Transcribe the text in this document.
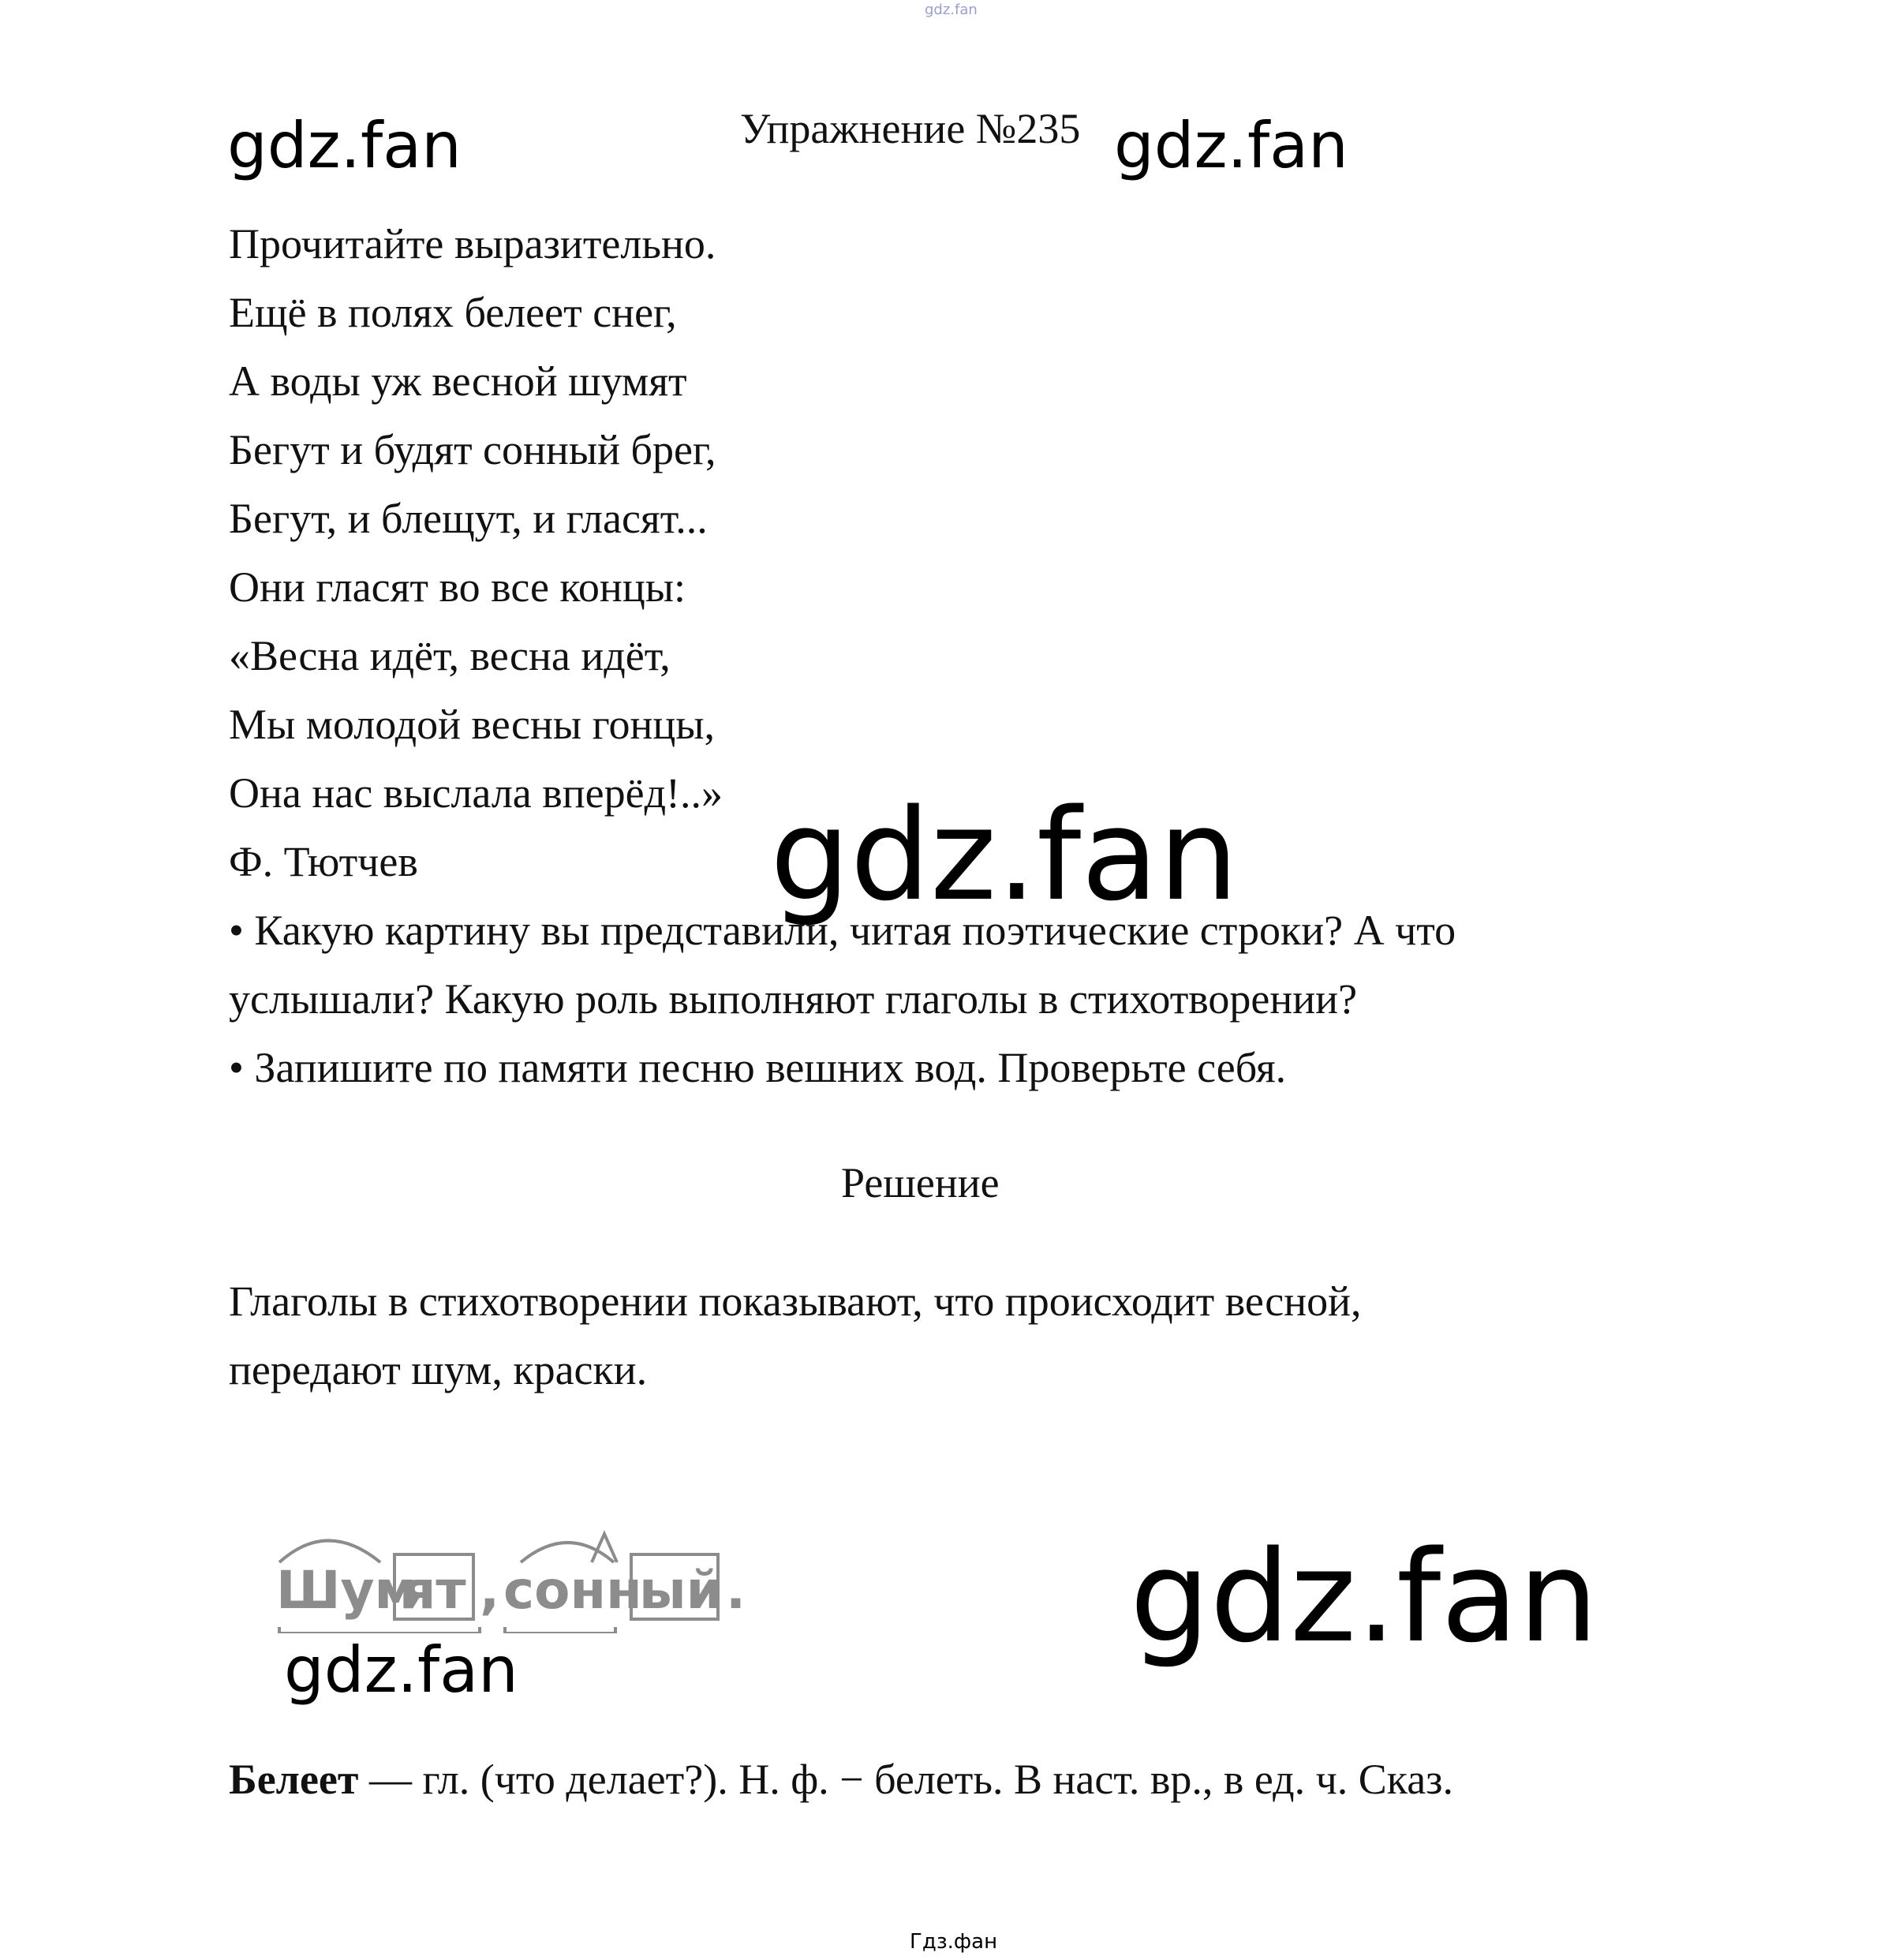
gdz.fan
gdz.fan	Упражнение №235 gdz.fan
Прочитайте выразительно.
Ещё в полях белеет снег,
А воды уж весной шумят
Бегут и будят сонный брег,
Бегут, и блещут, и гласят...
Они гласят во все концы:
«Весна идёт, весна идёт,
Мы молодой весны гонцы,
Она нас выслала вперёд!..»
Ф. Тютчев	gdz.fan
• Какую картину вы представили, читая поэтические строки? А что
услышали? Какую роль выполняют глаголы в стихотворении?
• Запишите по памяти песню вешних вод. Проверьте себя.
Решение
Глаголы в стихотворении показывают, что происходит весной,
передают шум, краски.
Шум
ят , сонн
ый .
gdz.fan	gdz.fan
Белеет — гл. (что делает?). Н. ф. − белеть. В наст. вр., в ед. ч. Сказ.
Гдз.фан
